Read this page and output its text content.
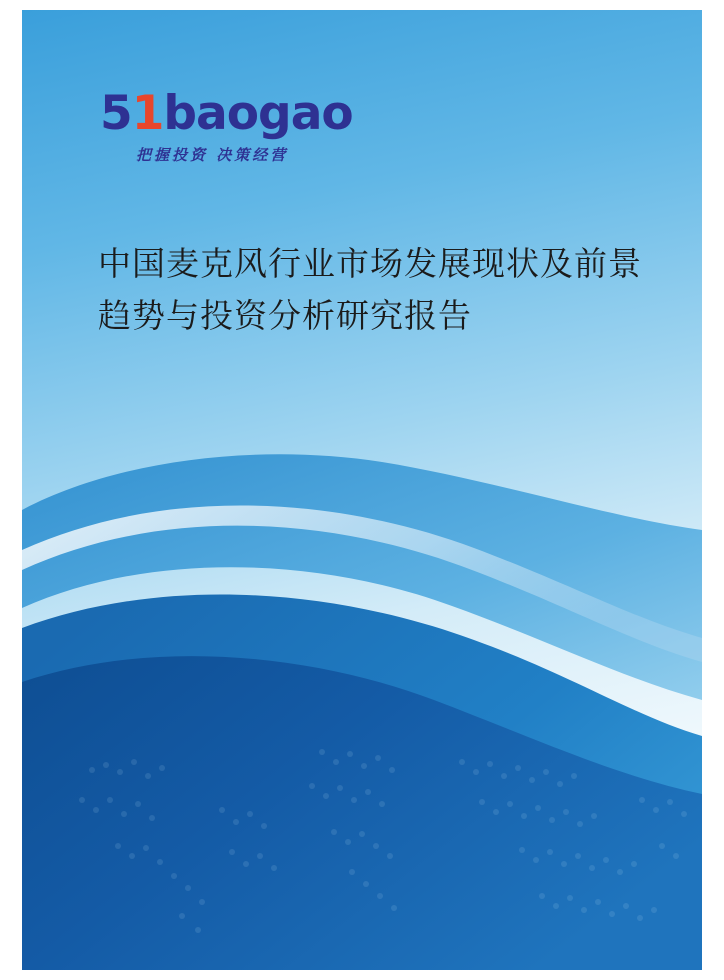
51baogao
把握投资 决策经营
中国麦克风行业市场发展现状及前景
趋势与投资分析研究报告
